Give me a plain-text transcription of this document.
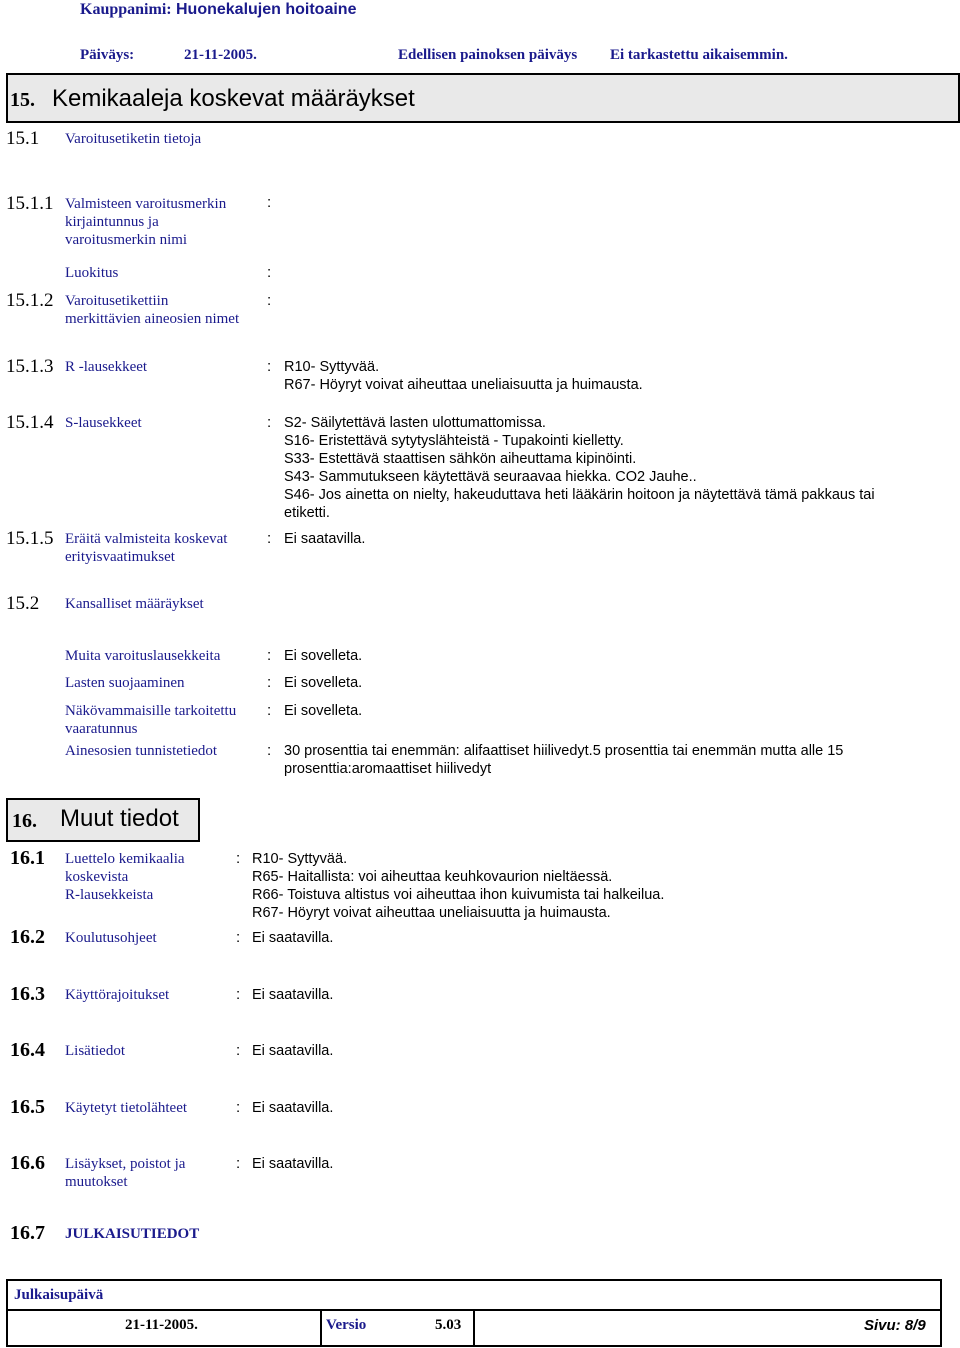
Kauppanimi: Huonekalujen hoitoaine
Päiväys:	21-11-2005.	Edellisen painoksen päiväys Ei tarkastettu aikaisemmin.
15. Kemikaaleja koskevat määräykset
15.1 Varoitusetiketin tietoja
15.1.1 Valmisteen varoitusmerkin
kirjaintunnus ja
varoitusmerkin nimi
:
Luokitus	:
15.1.2 Varoitusetikettiin
merkittävien aineosien nimet
:
15.1.3 R -lausekkeet	: R10- Syttyvää.
R67- Höyryt voivat aiheuttaa uneliaisuutta ja huimausta.
15.1.4 S-lausekkeet	: S2- Säilytettävä lasten ulottumattomissa.
S16- Eristettävä sytytyslähteistä - Tupakointi kielletty.
S33- Estettävä staattisen sähkön aiheuttama kipinöinti.
S43- Sammutukseen käytettävä seuraavaa hiekka. CO2 Jauhe..
S46- Jos ainetta on nielty, hakeuduttava heti lääkärin hoitoon ja näytettävä tämä pakkaus tai
etiketti.
15.1.5 Eräitä valmisteita koskevat
erityisvaatimukset
: Ei saatavilla.
15.2 Kansalliset määräykset
Muita varoituslausekkeita	: Ei sovelleta.
Lasten suojaaminen	: Ei sovelleta.
Näkövammaisille tarkoitettu
vaaratunnus
: Ei sovelleta.
Ainesosien tunnistetiedot	: 30 prosenttia tai enemmän: alifaattiset hiilivedyt.5 prosenttia tai enemmän mutta alle 15
prosenttia:aromaattiset hiilivedyt
16. Muut tiedot
16.1 Luettelo kemikaalia
koskevista
R-lausekkeista
: R10- Syttyvää.
R65- Haitallista: voi aiheuttaa keuhkovaurion nieltäessä.
R66- Toistuva altistus voi aiheuttaa ihon kuivumista tai halkeilua.
R67- Höyryt voivat aiheuttaa uneliaisuutta ja huimausta.
16.2 Koulutusohjeet	: Ei saatavilla.
16.3 Käyttörajoitukset	: Ei saatavilla.
16.4 Lisätiedot	: Ei saatavilla.
16.5 Käytetyt tietolähteet	: Ei saatavilla.
16.6 Lisäykset, poistot ja
muutokset
: Ei saatavilla.
16.7 JULKAISUTIEDOT
Julkaisupäivä
21-11-2005.	Versio	5.03	Sivu: 8/9
